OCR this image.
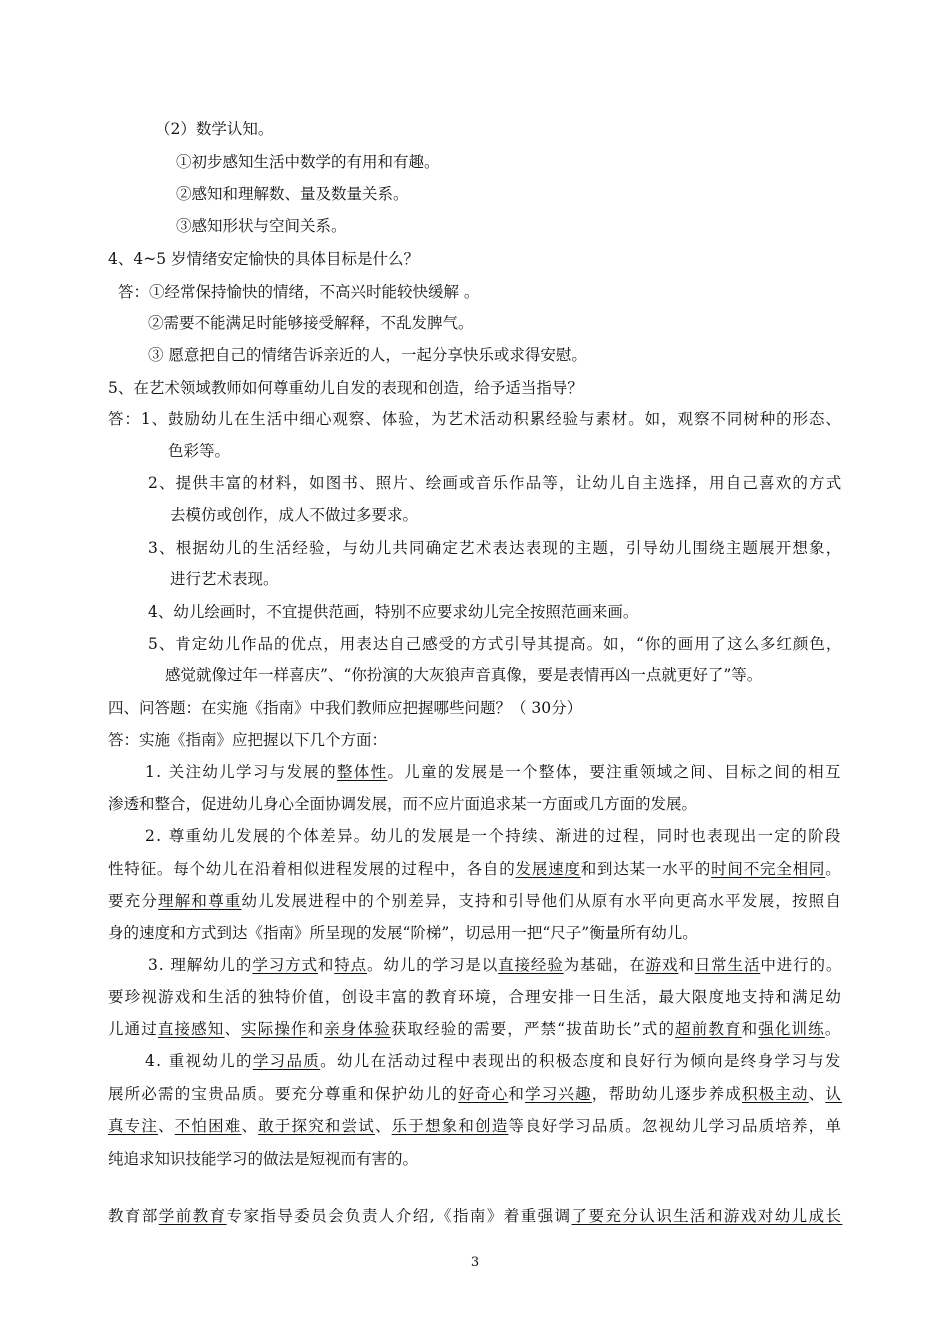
（2）数学认知。
①初步感知生活中数学的有用和有趣。
②感知和理解数、量及数量关系。
③感知形状与空间关系。
4、4~5 岁情绪安定愉快的具体目标是什么？
答：①经常保持愉快的情绪，不高兴时能较快缓解 。
②需要不能满足时能够接受解释，不乱发脾气。
③ 愿意把自己的情绪告诉亲近的人，一起分享快乐或求得安慰。
5、在艺术领域教师如何尊重幼儿自发的表现和创造，给予适当指导？
答：1、鼓励幼儿在生活中细心观察、体验，为艺术活动积累经验与素材。如，观察不同树种的形态、
色彩等。
2、提供丰富的材料，如图书、照片、绘画或音乐作品等，让幼儿自主选择，用自己喜欢的方式
去模仿或创作，成人不做过多要求。
3、根据幼儿的生活经验，与幼儿共同确定艺术表达表现的主题，引导幼儿围绕主题展开想象，
进行艺术表现。
4、幼儿绘画时，不宜提供范画，特别不应要求幼儿完全按照范画来画。
5、肯定幼儿作品的优点，用表达自己感受的方式引导其提高。如，“你的画用了这么多红颜色，
感觉就像过年一样喜庆”、“你扮演的大灰狼声音真像，要是表情再凶一点就更好了”等。
四、问答题：在实施《指南》中我们教师应把握哪些问题？（ 30分）
答：实施《指南》应把握以下几个方面：
1. 关注幼儿学习与发展的整体性。儿童的发展是一个整体，要注重领域之间、目标之间的相互
渗透和整合，促进幼儿身心全面协调发展，而不应片面追求某一方面或几方面的发展。
2. 尊重幼儿发展的个体差异。幼儿的发展是一个持续、渐进的过程，同时也表现出一定的阶段
性特征。每个幼儿在沿着相似进程发展的过程中，各自的发展速度和到达某一水平的时间不完全相同。
要充分理解和尊重幼儿发展进程中的个别差异，支持和引导他们从原有水平向更高水平发展，按照自
身的速度和方式到达《指南》所呈现的发展“阶梯”，切忌用一把“尺子”衡量所有幼儿。
3. 理解幼儿的学习方式和特点。幼儿的学习是以直接经验为基础，在游戏和日常生活中进行的。
要珍视游戏和生活的独特价值，创设丰富的教育环境，合理安排一日生活，最大限度地支持和满足幼
儿通过直接感知、实际操作和亲身体验获取经验的需要，严禁“拔苗助长”式的超前教育和强化训练。
4. 重视幼儿的学习品质。幼儿在活动过程中表现出的积极态度和良好行为倾向是终身学习与发
展所必需的宝贵品质。要充分尊重和保护幼儿的好奇心和学习兴趣，帮助幼儿逐步养成积极主动、认
真专注、不怕困难、敢于探究和尝试、乐于想象和创造等良好学习品质。忽视幼儿学习品质培养，单
纯追求知识技能学习的做法是短视而有害的。
教育部学前教育专家指导委员会负责人介绍,《指南》着重强调了要充分认识生活和游戏对幼儿成长
3
